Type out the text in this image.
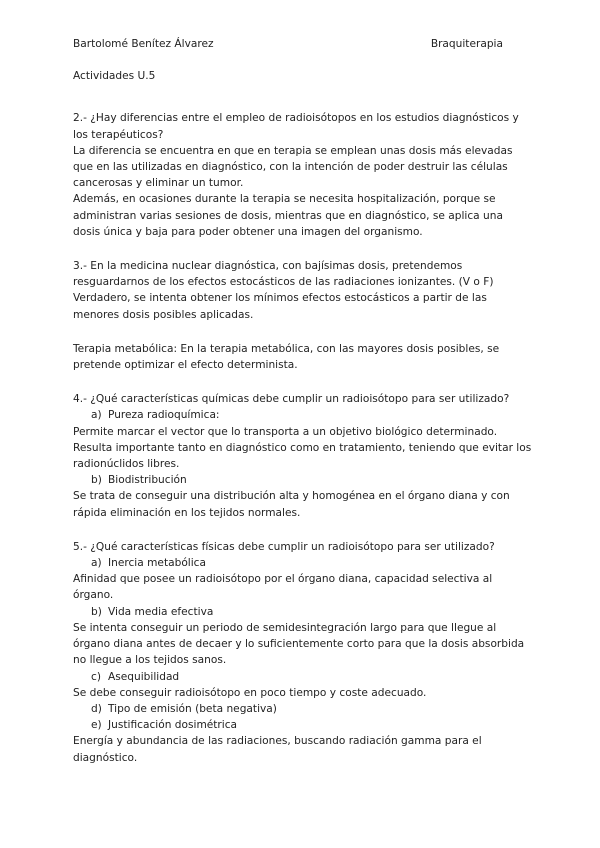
Bartolomé Benítez Álvarez	Braquiterapia

Actividades U.5

2.- ¿Hay diferencias entre el empleo de radioisótopos en los estudios diagnósticos y los terapéuticos?

La diferencia se encuentra en que en terapia se emplean unas dosis más elevadas que en las utilizadas en diagnóstico, con la intención de poder destruir las células cancerosas y eliminar un tumor.

Además, en ocasiones durante la terapia se necesita hospitalización, porque se administran varias sesiones de dosis, mientras que en diagnóstico, se aplica una dosis única y baja para poder obtener una imagen del organismo.

3.- En la medicina nuclear diagnóstica, con bajísimas dosis, pretendemos resguardarnos de los efectos estocásticos de las radiaciones ionizantes. (V o F)

Verdadero, se intenta obtener los mínimos efectos estocásticos a partir de las menores dosis posibles aplicadas.

Terapia metabólica: En la terapia metabólica, con las mayores dosis posibles, se pretende optimizar el efecto determinista.

4.- ¿Qué características químicas debe cumplir un radioisótopo para ser utilizado?

a) Pureza radioquímica:

Permite marcar el vector que lo transporta a un objetivo biológico determinado. Resulta importante tanto en diagnóstico como en tratamiento, teniendo que evitar los radionúclidos libres.

b) Biodistribución

Se trata de conseguir una distribución alta y homogénea en el órgano diana y con rápida eliminación en los tejidos normales.

5.- ¿Qué características físicas debe cumplir un radioisótopo para ser utilizado?

a) Inercia metabólica

Afinidad que posee un radioisótopo por el órgano diana, capacidad selectiva al órgano.

b) Vida media efectiva

Se intenta conseguir un periodo de semidesintegración largo para que llegue al órgano diana antes de decaer y lo suficientemente corto para que la dosis absorbida no llegue a los tejidos sanos.

c) Asequibilidad

Se debe conseguir radioisótopo en poco tiempo y coste adecuado.

d) Tipo de emisión (beta negativa)
e) Justificación dosimétrica

Energía y abundancia de las radiaciones, buscando radiación gamma para el diagnóstico.
